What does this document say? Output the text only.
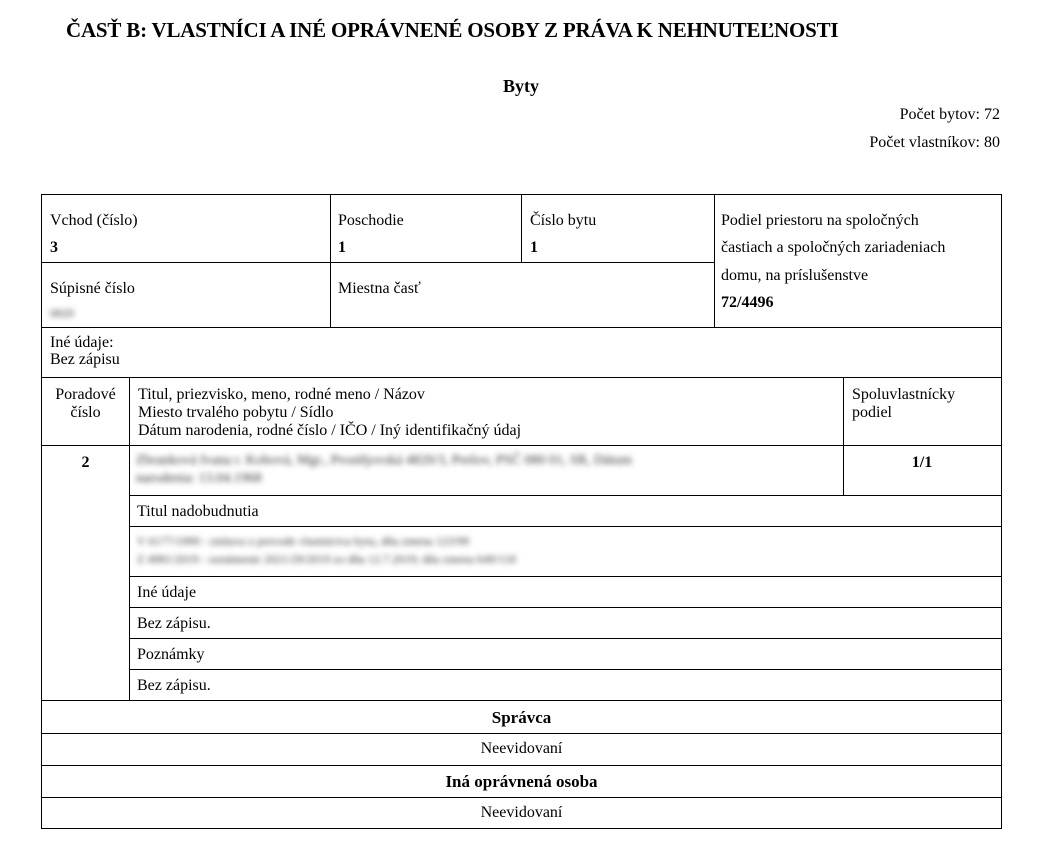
ČASŤ B: VLASTNÍCI A INÉ OPRÁVNENÉ OSOBY Z PRÁVA K NEHNUTEĽNOSTI
Byty
Počet bytov: 72
Počet vlastníkov: 80
Vchod (číslo)
3
Poschodie
1
Číslo bytu
1
Podiel priestoru na spoločných
častiach a spoločných zariadeniach
domu, na príslušenstve
72/4496
Súpisné číslo
0820
Miestna časť
Iné údaje:
Bez zápisu
Poradové
číslo
Titul, priezvisko, meno, rodné meno / Názov
Miesto trvalého pobytu / Sídlo
Dátum narodenia, rodné číslo / IČO / Iný identifikačný údaj
Spoluvlastnícky
podiel
2	Zbranková Ivana r. Kobová, Mgr., Prostějovská 4820/3, Prešov, PSČ 080 01, SR, Dátum
narodenia: 13.04.1968
1/1
Titul nadobudnutia
V 6177/1999 - zmluva o prevode vlastníctva bytu, dňa zmena 123/99
Z 4981/2019 - oznámenie 2021/29/2019 zo dňa 12.7.2019; dňa zmena 649/118
Iné údaje
Bez zápisu.
Poznámky
Bez zápisu.
Správca
Neevidovaní
Iná oprávnená osoba
Neevidovaní
